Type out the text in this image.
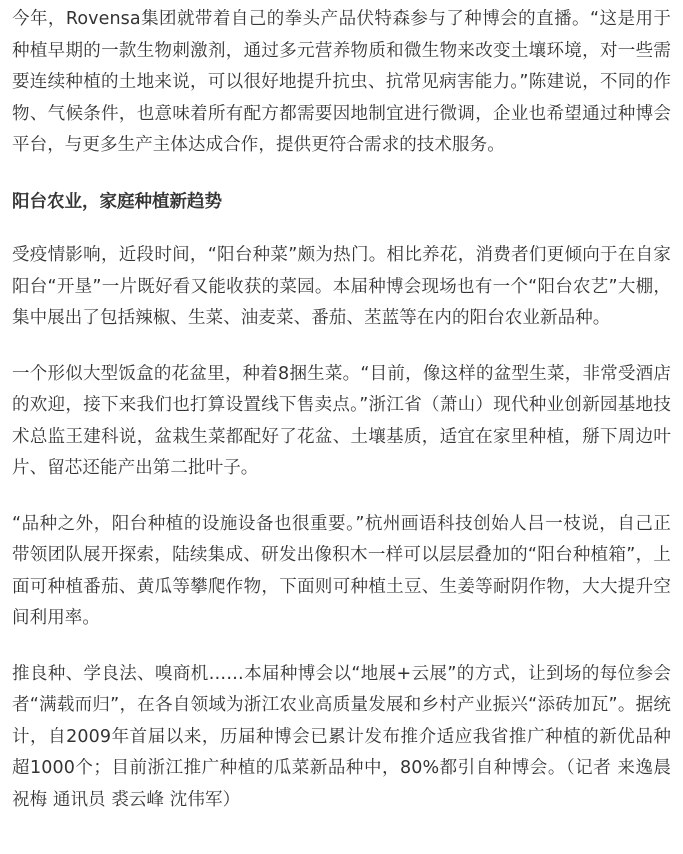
今年，Rovensa集团就带着自己的拳头产品伏特森参与了种博会的直播。“这是用于种植早期的一款生物刺激剂，通过多元营养物质和微生物来改变土壤环境，对一些需要连续种植的土地来说，可以很好地提升抗虫、抗常见病害能力。”陈建说，不同的作物、气候条件，也意味着所有配方都需要因地制宜进行微调，企业也希望通过种博会平台，与更多生产主体达成合作，提供更符合需求的技术服务。

阳台农业，家庭种植新趋势

受疫情影响，近段时间，“阳台种菜”颇为热门。相比养花，消费者们更倾向于在自家阳台“开垦”一片既好看又能收获的菜园。本届种博会现场也有一个“阳台农艺”大棚，集中展出了包括辣椒、生菜、油麦菜、番茄、苤蓝等在内的阳台农业新品种。

一个形似大型饭盒的花盆里，种着8捆生菜。“目前，像这样的盆型生菜，非常受酒店的欢迎，接下来我们也打算设置线下售卖点。”浙江省（萧山）现代种业创新园基地技术总监王建科说，盆栽生菜都配好了花盆、土壤基质，适宜在家里种植，掰下周边叶片、留芯还能产出第二批叶子。

“品种之外，阳台种植的设施设备也很重要。”杭州画语科技创始人吕一枝说，自己正带领团队展开探索，陆续集成、研发出像积木一样可以层层叠加的“阳台种植箱”，上面可种植番茄、黄瓜等攀爬作物，下面则可种植土豆、生姜等耐阴作物，大大提升空间利用率。

推良种、学良法、嗅商机……本届种博会以“地展+云展”的方式，让到场的每位参会者“满载而归”，在各自领域为浙江农业高质量发展和乡村产业振兴“添砖加瓦”。据统计，自2009年首届以来，历届种博会已累计发布推介适应我省推广种植的新优品种超1000个；目前浙江推广种植的瓜菜新品种中，80%都引自种博会。（记者 来逸晨 祝梅 通讯员 裘云峰 沈伟军）
